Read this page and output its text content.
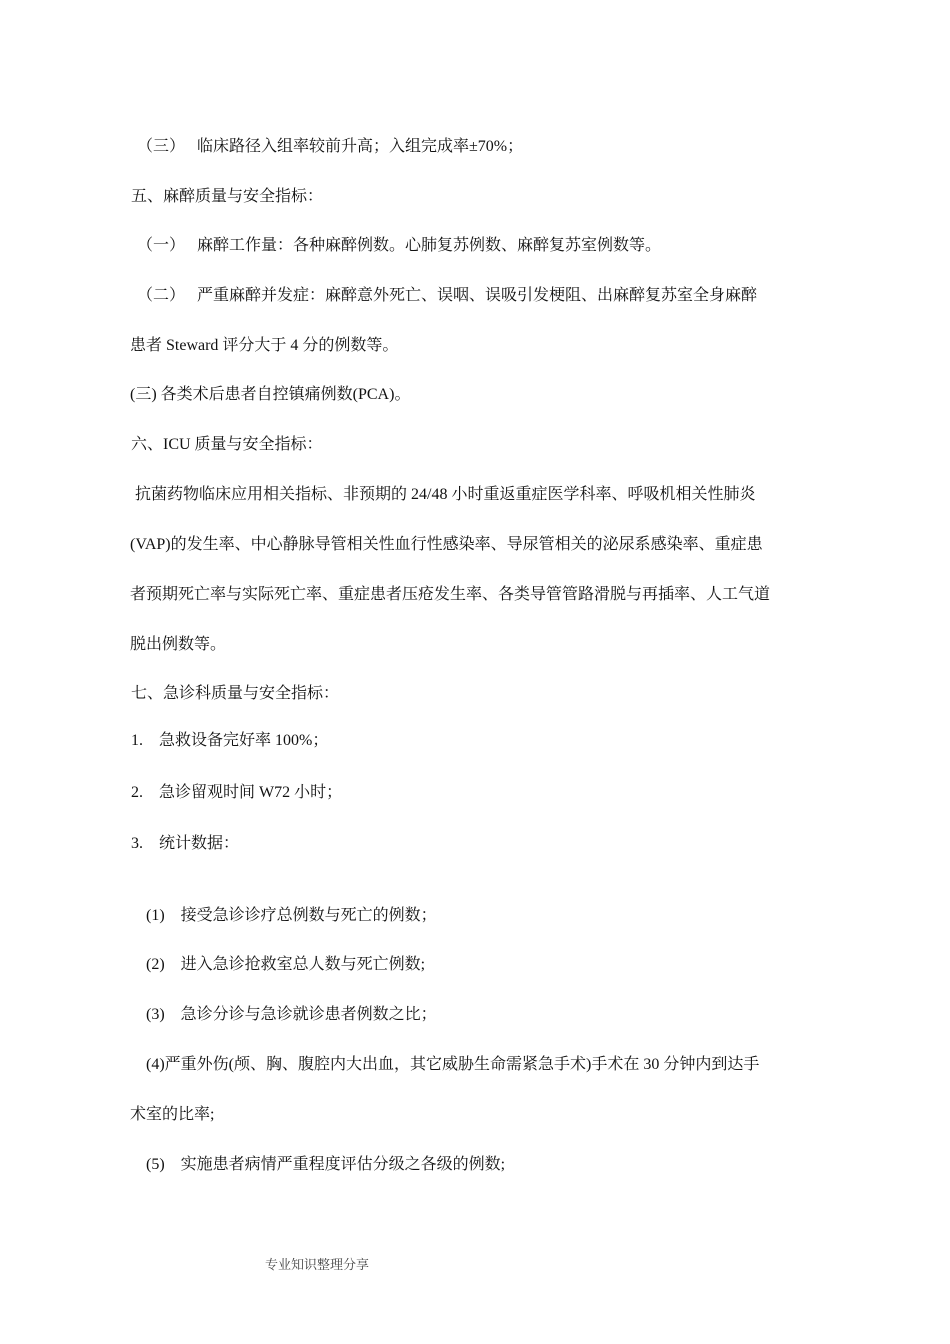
（三）　 临床路径入组率较前升高；入组完成率±70%；
五、麻醉质量与安全指标：
（一）　 麻醉工作量：各种麻醉例数。心肺复苏例数、麻醉复苏室例数等。
（二）　 严重麻醉并发症：麻醉意外死亡、误咽、误吸引发梗阻、出麻醉复苏室全身麻醉
患者 Steward 评分大于 4 分的例数等。
(三) 各类术后患者自控镇痛例数(PCA)。
六、ICU 质量与安全指标：
抗菌药物临床应用相关指标、非预期的 24/48 小时重返重症医学科率、呼吸机相关性肺炎
(VAP)的发生率、中心静脉导管相关性血行性感染率、导尿管相关的泌尿系感染率、重症患
者预期死亡率与实际死亡率、重症患者压疮发生率、各类导管管路滑脱与再插率、人工气道
脱出例数等。
七、急诊科质量与安全指标：
1.　急救设备完好率 100%；
2.　急诊留观时间 W72 小时；
3.　统计数据：
(1)　接受急诊诊疗总例数与死亡的例数；
(2)　进入急诊抢救室总人数与死亡例数;
(3)　急诊分诊与急诊就诊患者例数之比；
(4)严重外伤(颅、胸、腹腔内大出血，其它威胁生命需紧急手术)手术在 30 分钟内到达手
术室的比率;
(5)　实施患者病情严重程度评估分级之各级的例数;
专业知识整理分享
